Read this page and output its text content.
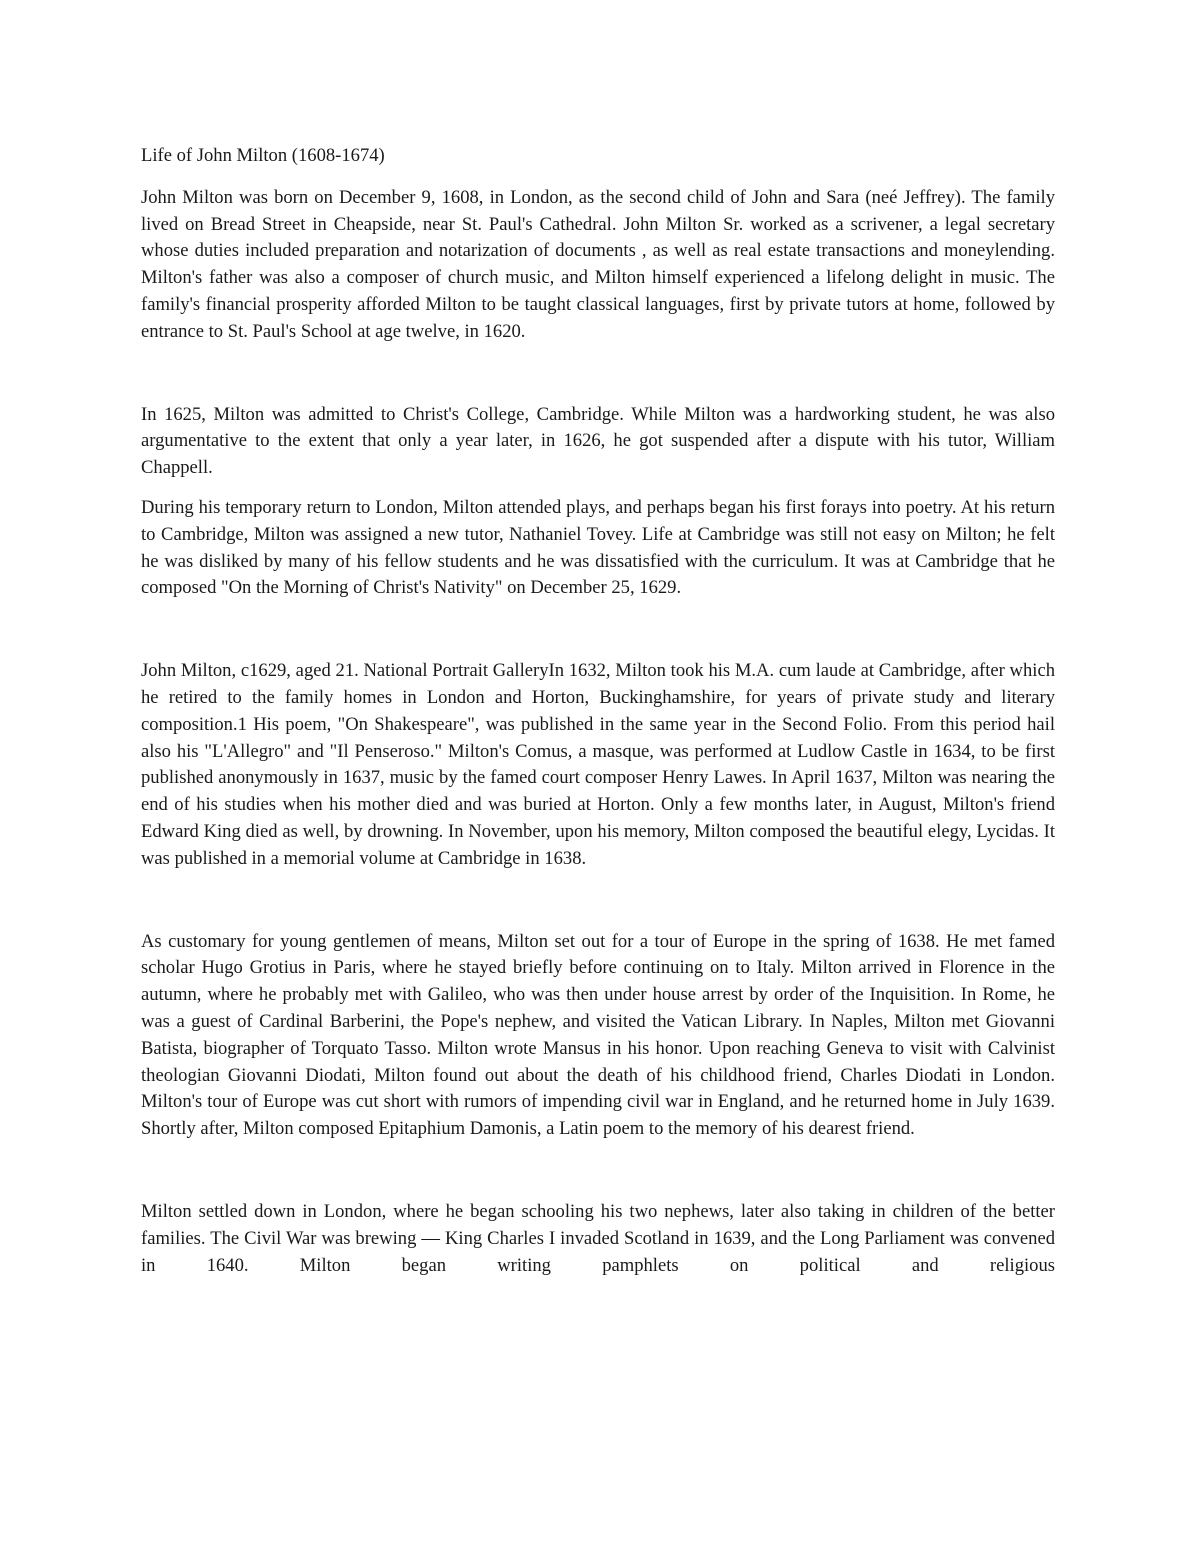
Life of John Milton (1608-1674)

John Milton was born on December 9, 1608, in London, as the second child of John and Sara (neé Jeffrey). The family lived on Bread Street in Cheapside, near St. Paul's Cathedral. John Milton Sr. worked as a scrivener, a legal secretary whose duties included preparation and notarization of documents , as well as real estate transactions and moneylending. Milton's father was also a composer of church music, and Milton himself experienced a lifelong delight in music. The family's financial prosperity afforded Milton to be taught classical languages, first by private tutors at home, followed by entrance to St. Paul's School at age twelve, in 1620.

In 1625, Milton was admitted to Christ's College, Cambridge. While Milton was a hardworking student, he was also argumentative to the extent that only a year later, in 1626, he got suspended after a dispute with his tutor, William Chappell.

During his temporary return to London, Milton attended plays, and perhaps began his first forays into poetry. At his return to Cambridge, Milton was assigned a new tutor, Nathaniel Tovey. Life at Cambridge was still not easy on Milton; he felt he was disliked by many of his fellow students and he was dissatisfied with the curriculum. It was at Cambridge that he composed "On the Morning of Christ's Nativity" on December 25, 1629.

John Milton, c1629, aged 21. National Portrait GalleryIn 1632, Milton took his M.A. cum laude at Cambridge, after which he retired to the family homes in London and Horton, Buckinghamshire, for years of private study and literary composition.1 His poem, "On Shakespeare", was published in the same year in the Second Folio. From this period hail also his "L'Allegro" and "Il Penseroso." Milton's Comus, a masque, was performed at Ludlow Castle in 1634, to be first published anonymously in 1637, music by the famed court composer Henry Lawes. In April 1637, Milton was nearing the end of his studies when his mother died and was buried at Horton. Only a few months later, in August, Milton's friend Edward King died as well, by drowning. In November, upon his memory, Milton composed the beautiful elegy, Lycidas. It was published in a memorial volume at Cambridge in 1638.

As customary for young gentlemen of means, Milton set out for a tour of Europe in the spring of 1638. He met famed scholar Hugo Grotius in Paris, where he stayed briefly before continuing on to Italy. Milton arrived in Florence in the autumn, where he probably met with Galileo, who was then under house arrest by order of the Inquisition. In Rome, he was a guest of Cardinal Barberini, the Pope's nephew, and visited the Vatican Library. In Naples, Milton met Giovanni Batista, biographer of Torquato Tasso. Milton wrote Mansus in his honor. Upon reaching Geneva to visit with Calvinist theologian Giovanni Diodati, Milton found out about the death of his childhood friend, Charles Diodati in London. Milton's tour of Europe was cut short with rumors of impending civil war in England, and he returned home in July 1639. Shortly after, Milton composed Epitaphium Damonis, a Latin poem to the memory of his dearest friend.

Milton settled down in London, where he began schooling his two nephews, later also taking in children of the better families. The Civil War was brewing — King Charles I invaded Scotland in 1639, and the Long Parliament was convened in 1640. Milton began writing pamphlets on political and religious
